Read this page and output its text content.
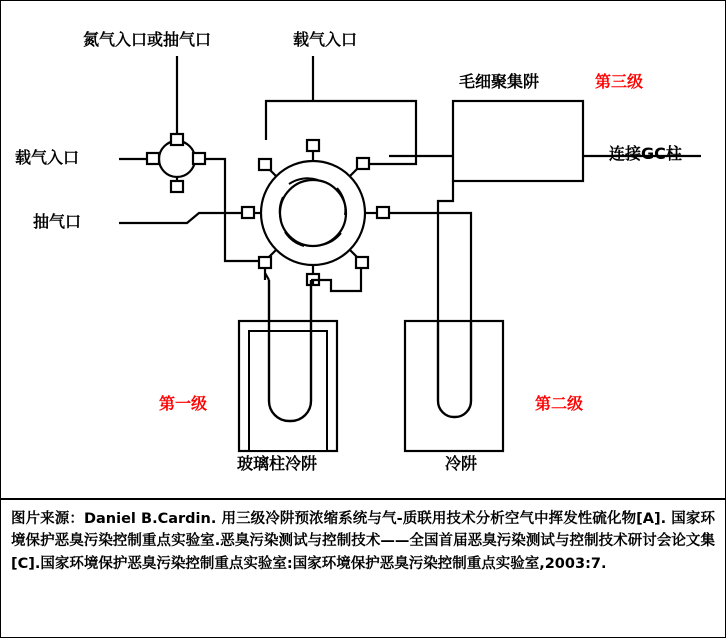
氮气入口或抽气口	载气入口
毛细聚集阱	第三级
载气入口	连接GC柱
抽气口
第一级	第二级
玻璃柱冷阱	冷阱
图片来源：Daniel B.Cardin. 用三级冷阱预浓缩系统与气-质联用技术分析空气中挥发性硫化物[A]. 国家环境保护恶臭污染控制重点实验室.恶臭污染测试与控制技术——全国首届恶臭污染测试与控制技术研讨会论文集[C].国家环境保护恶臭污染控制重点实验室:国家环境保护恶臭污染控制重点实验室,2003:7.
